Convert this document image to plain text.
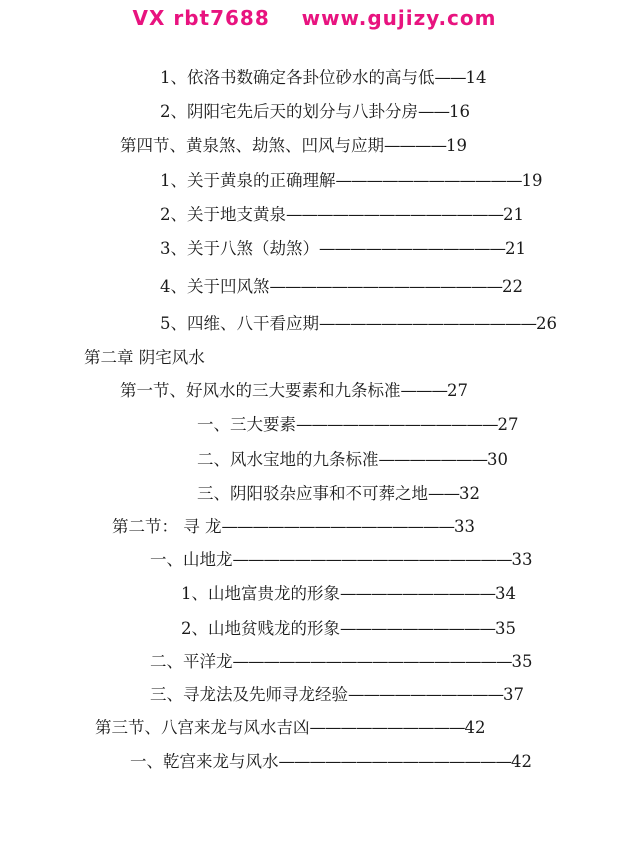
VX rbt7688    www.gujizy.com
1、依洛书数确定各卦位砂水的高与低——14
2、阴阳宅先后天的划分与八卦分房——16
第四节、黄泉煞、劫煞、凹风与应期————19
1、关于黄泉的正确理解————————————19
2、关于地支黄泉——————————————21
3、关于八煞（劫煞）————————————21
4、关于凹风煞———————————————22
5、四维、八干看应期——————————————26
第二章 阴宅风水
第一节、好风水的三大要素和九条标准———27
一、三大要素—————————————27
二、风水宝地的九条标准———————30
三、阴阳驳杂应事和不可葬之地——32
第二节： 寻 龙———————————————33
一、山地龙——————————————————33
1、山地富贵龙的形象——————————34
2、山地贫贱龙的形象——————————35
二、平洋龙——————————————————35
三、寻龙法及先师寻龙经验——————————37
第三节、八宫来龙与风水吉凶——————————42
一、乾宫来龙与风水———————————————42
